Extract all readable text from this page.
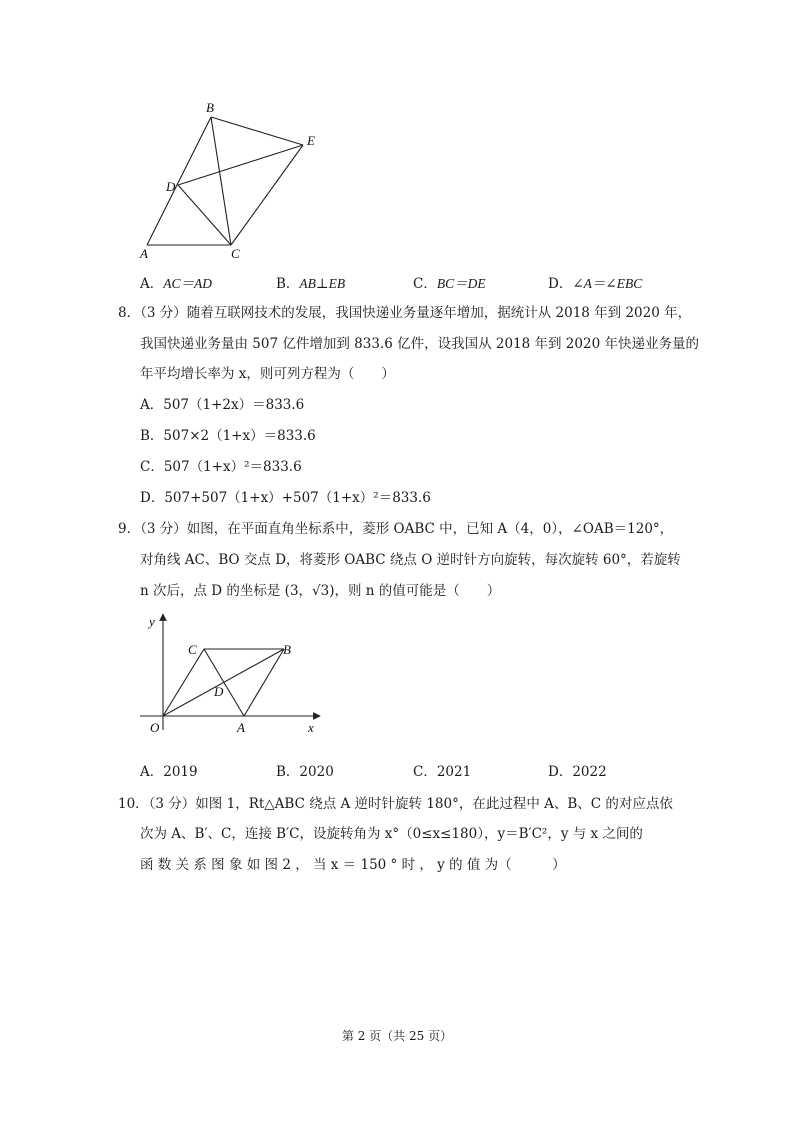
B
E
D
A	C
A．AC＝AD	B．AB⊥EB	C．BC＝DE	D．∠A＝∠EBC
8．（3 分）随着互联网技术的发展，我国快递业务量逐年增加，据统计从 2018 年到 2020 年，
我国快递业务量由 507 亿件增加到 833.6 亿件，设我国从 2018 年到 2020 年快递业务量的
年平均增长率为 x，则可列方程为（　　）
A．507（1+2x）＝833.6
B．507×2（1+x）＝833.6
C．507（1+x）²＝833.6
D．507+507（1+x）+507（1+x）²＝833.6
9．（3 分）如图，在平面直角坐标系中，菱形 OABC 中，已知 A（4，0），∠OAB＝120°，
对角线 AC、BO 交点 D，将菱形 OABC 绕点 O 逆时针方向旋转，每次旋转 60°，若旋转
n 次后，点 D 的坐标是 (3，√3)，则 n 的值可能是（　　）
y
x
O	A
B
C
D
A．2019	B．2020	C．2021	D．2022
10．（3 分）如图 1，Rt△ABC 绕点 A 逆时针旋转 180°，在此过程中 A、B、C 的对应点依
次为 A、B′、C，连接 B′C，设旋转角为 x°（0≤x≤180），y＝B′C²，y 与 x 之间的
函 数 关 系 图 象 如 图 2 ， 当 x ＝ 150 ° 时 ， y 的 值 为（　　　）
第 2 页（共 25 页）
